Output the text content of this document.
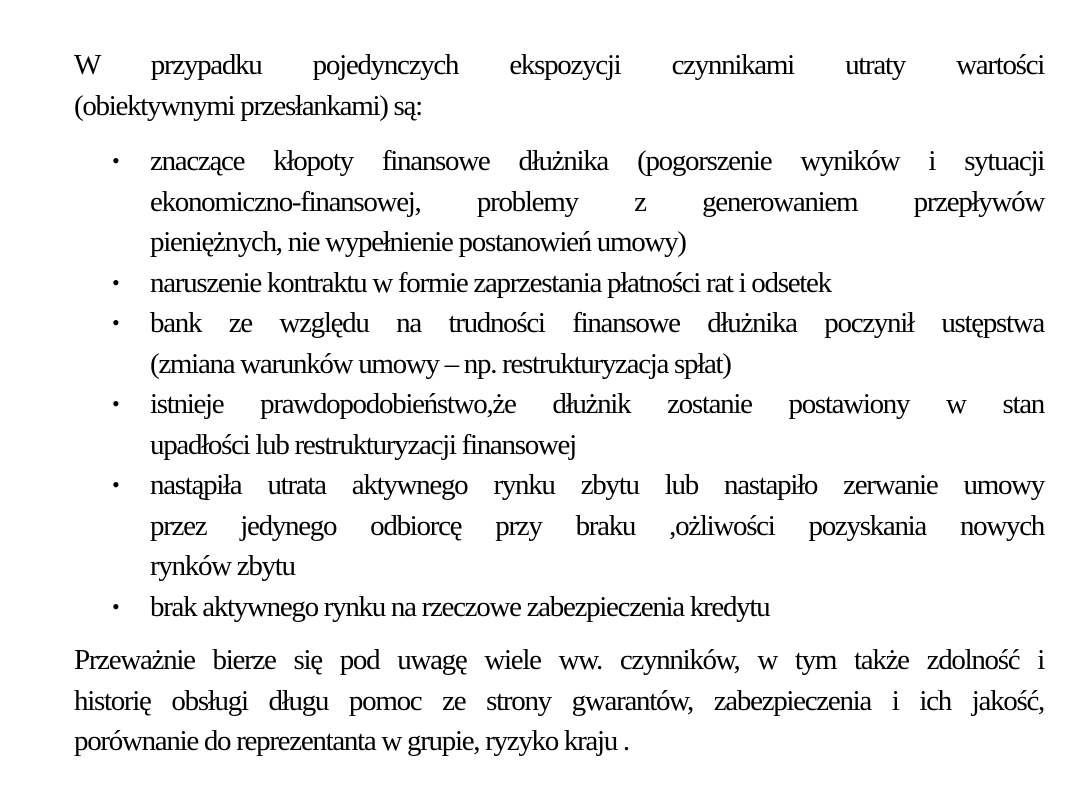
W przypadku pojedynczych ekspozycji czynnikami utraty wartości
(obiektywnymi przesłankami) są:
• znaczące kłopoty finansowe dłużnika (pogorszenie wyników i sytuacji
ekonomiczno-finansowej, problemy z generowaniem przepływów
pieniężnych, nie wypełnienie postanowień umowy)
• naruszenie kontraktu w formie zaprzestania płatności rat i odsetek
• bank ze względu na trudności finansowe dłużnika poczynił ustępstwa
(zmiana warunków umowy – np. restrukturyzacja spłat)
• istnieje prawdopodobieństwo,że dłużnik zostanie postawiony w stan
upadłości lub restrukturyzacji finansowej
• nastąpiła utrata aktywnego rynku zbytu lub nastapiło zerwanie umowy
przez jedynego odbiorcę przy braku ,ożliwości pozyskania nowych
rynków zbytu
• brak aktywnego rynku na rzeczowe zabezpieczenia kredytu
Przeważnie bierze się pod uwagę wiele ww. czynników, w tym także zdolność i
historię obsługi długu pomoc ze strony gwarantów, zabezpieczenia i ich jakość,
porównanie do reprezentanta w grupie, ryzyko kraju .
